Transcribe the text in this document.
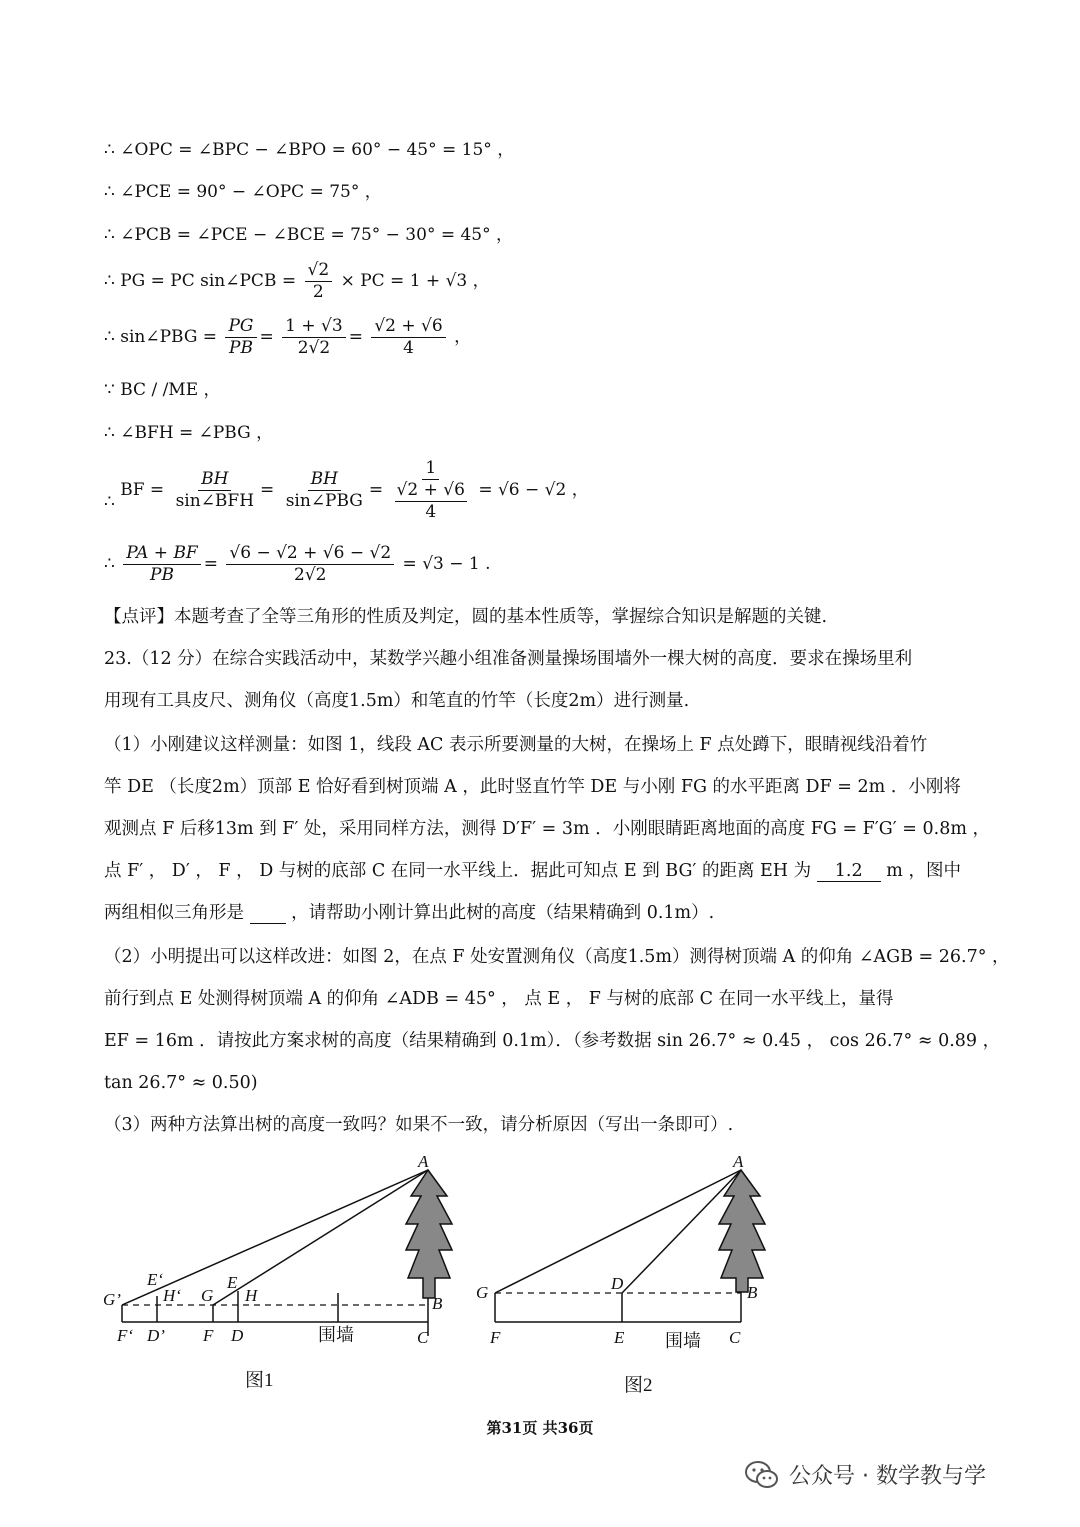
∴ ∠OPC = ∠BPC − ∠BPO = 60° − 45° = 15° ，
∴ ∠PCE = 90° − ∠OPC = 75° ，
∴ ∠PCB = ∠PCE − ∠BCE = 75° − 30° = 45° ，
∴ PG = PC sin∠PCB = $\frac{√2}{2}$ × PC = 1 + √3 ，
∴ sin∠PBG = $\frac{PG}{PB} = \frac{1 + √3}{2√2} = \frac{√2 + √6}{4}$ ，
∵ BC / /ME ，
∴ ∠BFH = ∠PBG ，
∴ BF = $\frac{BH}{\text{sin∠BFH}} = \frac{BH}{\text{sin∠PBG}} = \frac{1}{\frac{√2 + √6}{4}} = √6 - √2$ ，
∴ $\frac{PA + BF}{PB} = \frac{√6 - √2 + √6 - √2}{2√2} = √3 - 1$ .
【点评】本题考查了全等三角形的性质及判定，圆的基本性质等，掌握综合知识是解题的关键.
23.（12 分）在综合实践活动中，某数学兴趣小组准备测量操场围墙外一棵大树的高度．要求在操场里利
用现有工具皮尺、测角仪（高度1.5m）和笔直的竹竿（长度2m）进行测量.
（1）小刚建议这样测量：如图 1，线段 AC 表示所要测量的大树，在操场上 F 点处蹲下，眼睛视线沿着竹
竿 DE （长度2m）顶部 E 恰好看到树顶端 A ，此时竖直竹竿 DE 与小刚 FG 的水平距离 DF = 2m ．小刚将
观测点 F 后移13m 到 F′ 处，采用同样方法，测得 D′F′ = 3m ．小刚眼睛距离地面的高度 FG = F′G′ = 0.8m ，
点 F′ ， D′ ， F ， D 与树的底部 C 在同一水平线上．据此可知点 E 到 BG′ 的距离 EH 为 1.2 m ，图中
两组相似三角形是	，请帮助小刚计算出此树的高度（结果精确到 0.1m）.
（2）小明提出可以这样改进：如图 2，在点 F 处安置测角仪（高度1.5m）测得树顶端 A 的仰角 ∠AGB = 26.7° ，
前行到点 E 处测得树顶端 A 的仰角 ∠ADB = 45° ， 点 E ， F 与树的底部 C 在同一水平线上，量得
EF = 16m ．请按此方案求树的高度（结果精确到 0.1m）．（参考数据 sin 26.7° ≈ 0.45 ， cos 26.7° ≈ 0.89 ，
tan 26.7° ≈ 0.50)
（3）两种方法算出树的高度一致吗？如果不一致，请分析原因（写出一条即可）.
A
B
C
E‘	E
G’ H‘ G H
F‘ D’ F D	围墙
图1
A
B
C
G	D
F	E 围墙
图2
第31页 共36页
公众号 · 数学教与学
